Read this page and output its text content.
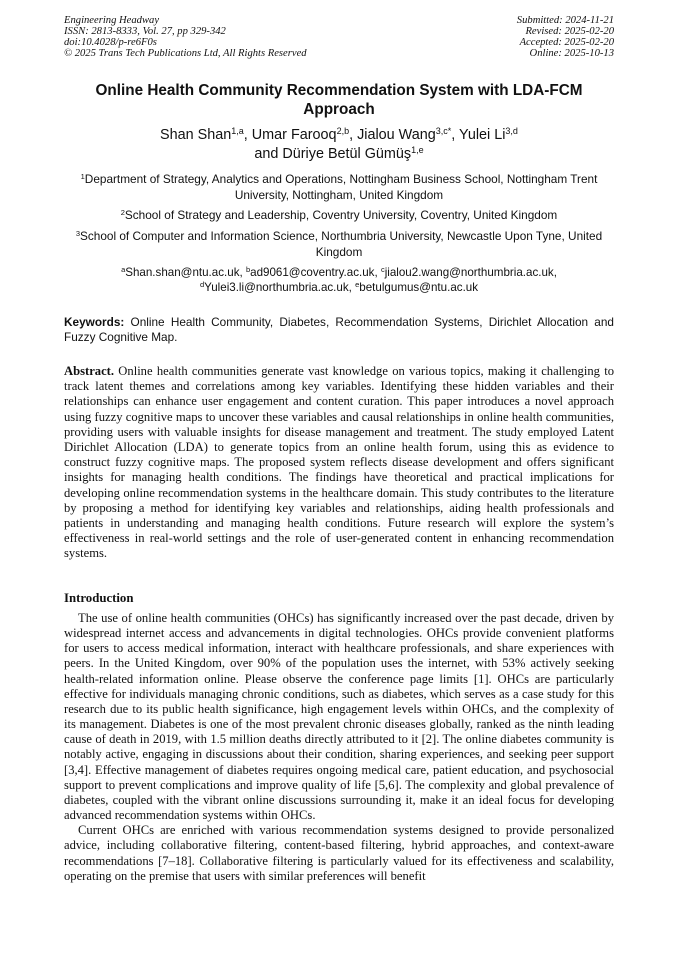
Engineering Headway
ISSN: 2813-8333, Vol. 27, pp 329-342
doi:10.4028/p-re6F0s
© 2025 Trans Tech Publications Ltd, All Rights Reserved
Submitted: 2024-11-21
Revised: 2025-02-20
Accepted: 2025-02-20
Online: 2025-10-13
Online Health Community Recommendation System with LDA-FCM Approach
Shan Shan$^{1,a}$, Umar Farooq$^{2,b}$, Jialou Wang$^{3,c*}$, Yulei Li$^{3,d}$
and Düriye Betül Gümüş$^{1,e}$
$^1$Department of Strategy, Analytics and Operations, Nottingham Business School, Nottingham Trent University, Nottingham, United Kingdom
$^2$School of Strategy and Leadership, Coventry University, Coventry, United Kingdom
$^3$School of Computer and Information Science, Northumbria University, Newcastle Upon Tyne, United Kingdom
$^a$Shan.shan@ntu.ac.uk, $^b$ad9061@coventry.ac.uk, $^c$jialou2.wang@northumbria.ac.uk,
$^d$Yulei3.li@northumbria.ac.uk, $^e$betulgumus@ntu.ac.uk
Keywords: Online Health Community, Diabetes, Recommendation Systems, Dirichlet Allocation and Fuzzy Cognitive Map.
Abstract. Online health communities generate vast knowledge on various topics, making it challenging to track latent themes and correlations among key variables. Identifying these hidden variables and their relationships can enhance user engagement and content curation. This paper introduces a novel approach using fuzzy cognitive maps to uncover these variables and causal relationships in online health communities, providing users with valuable insights for disease management and treatment. The study employed Latent Dirichlet Allocation (LDA) to generate topics from an online health forum, using this as evidence to construct fuzzy cognitive maps. The proposed system reflects disease development and offers significant insights for managing health conditions. The findings have theoretical and practical implications for developing online recommendation systems in the healthcare domain. This study contributes to the literature by proposing a method for identifying key variables and relationships, aiding health professionals and patients in understanding and managing health conditions. Future research will explore the system’s effectiveness in real-world settings and the role of user-generated content in enhancing recommendation systems.
Introduction

The use of online health communities (OHCs) has significantly increased over the past decade, driven by widespread internet access and advancements in digital technologies. OHCs provide convenient platforms for users to access medical information, interact with healthcare professionals, and share experiences with peers. In the United Kingdom, over 90% of the population uses the internet, with 53% actively seeking health-related information online. Please observe the conference page limits [1]. OHCs are particularly effective for individuals managing chronic conditions, such as diabetes, which serves as a case study for this research due to its public health significance, high engagement levels within OHCs, and the complexity of its management. Diabetes is one of the most prevalent chronic diseases globally, ranked as the ninth leading cause of death in 2019, with 1.5 million deaths directly attributed to it [2]. The online diabetes community is notably active, engaging in discussions about their condition, sharing experiences, and seeking peer support [3,4]. Effective management of diabetes requires ongoing medical care, patient education, and psychosocial support to prevent complications and improve quality of life [5,6]. The complexity and global prevalence of diabetes, coupled with the vibrant online discussions surrounding it, make it an ideal focus for developing advanced recommendation systems within OHCs.

Current OHCs are enriched with various recommendation systems designed to provide personalized advice, including collaborative filtering, content-based filtering, hybrid approaches, and context-aware recommendations [7–18]. Collaborative filtering is particularly valued for its effectiveness and scalability, operating on the premise that users with similar preferences will benefit
